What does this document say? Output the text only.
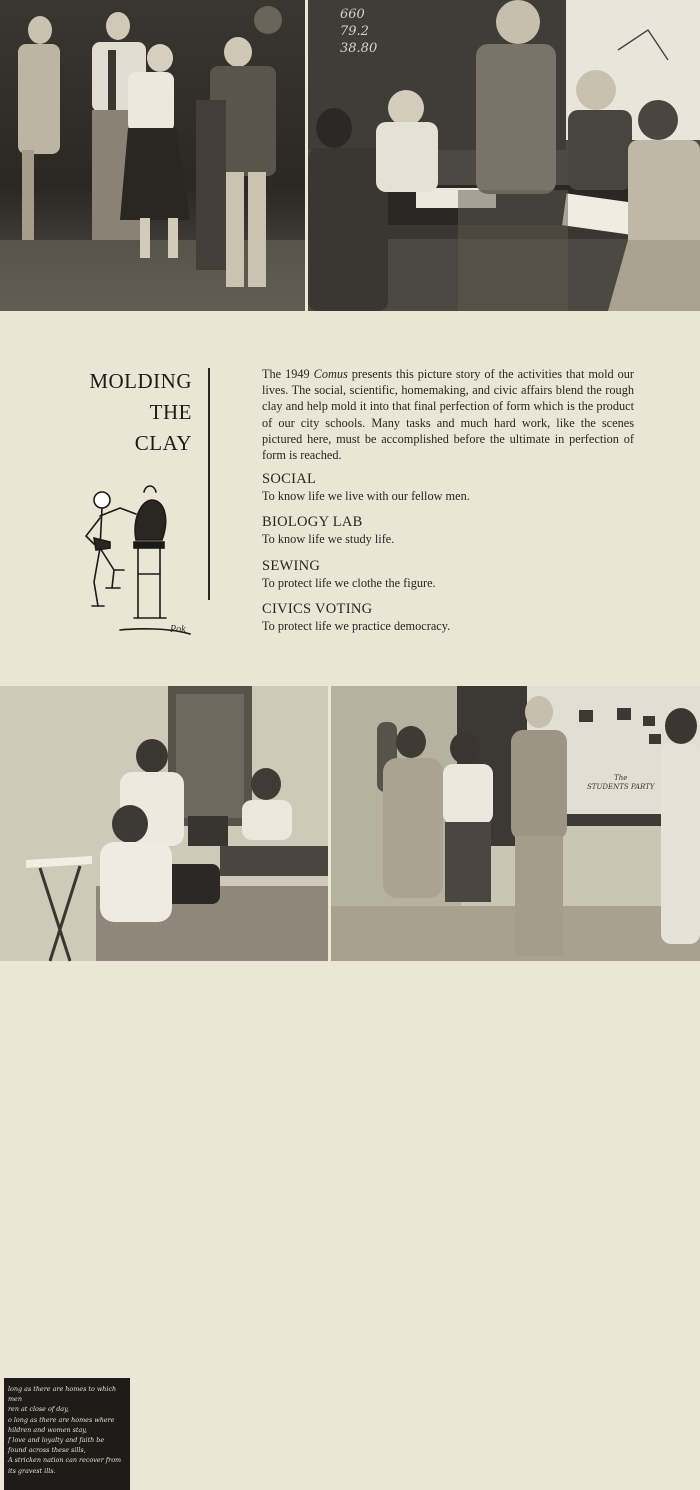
660
79.2
38.80
MOLDING
THE
CLAY
The 1949 Comus presents this picture story of the activities that mold our lives. The social, scientific, homemaking, and civic affairs blend the rough clay and help mold it into that final perfection of form which is the product of our city schools. Many tasks and much hard work, like the scenes pictured here, must be accomplished before the ultimate in perfection of form is reached.
SOCIAL
To know life we live with our fellow men.
BIOLOGY LAB
To know life we study life.
SEWING
To protect life we clothe the figure.
CIVICS VOTING
To protect life we practice democracy.
Pok
long as there are homes to which men
ren at close of day,
o long as there are homes where
hildren and women stay,
f love and loyalty and faith be
found across these sills,
A stricken nation can recover from
its gravest ills.
The
STUDENTS PARTY
